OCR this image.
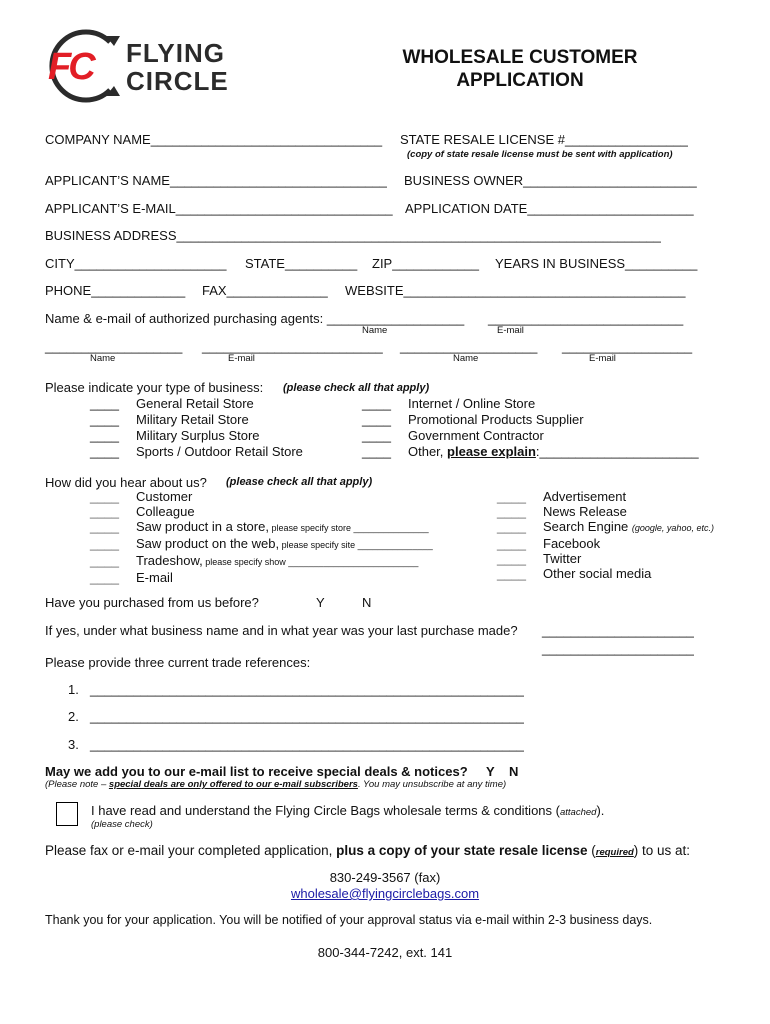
FC FLYING
CIRCLE
WHOLESALE CUSTOMER
APPLICATION
COMPANY NAME________________________________ STATE RESALE LICENSE #_________________
(copy of state resale license must be sent with application)
APPLICANT’S NAME______________________________ BUSINESS OWNER________________________
APPLICANT’S E-MAIL______________________________ APPLICATION DATE_______________________
BUSINESS ADDRESS___________________________________________________________________
CITY_____________________ STATE__________ ZIP____________ YEARS IN BUSINESS__________
PHONE_____________ FAX______________ WEBSITE_______________________________________
Name & e-mail of authorized purchasing agents: ___________________ ___________________________
Name	E-mail
___________________ _________________________ ___________________ __________________
Name	E-mail	Name	E-mail
Please indicate your type of business: (please check all that apply)
____ General Retail Store
____ Military Retail Store
____ Military Surplus Store
____ Sports / Outdoor Retail Store
____ Internet / Online Store
____ Promotional Products Supplier
____ Government Contractor
____ Other, please explain:______________________
How did you hear about us? (please check all that apply)
____ Customer
____ Colleague
____ Saw product in a store, please specify store _______________
____ Saw product on the web, please specify site _______________
____ Tradeshow, please specify show __________________________
____ E-mail
____ Advertisement
____ News Release
____ Search Engine (google, yahoo, etc.)
____ Facebook
____ Twitter
____ Other social media
Have you purchased from us before?	Y	N
If yes, under what business name and in what year was your last purchase made? _____________________
_____________________
Please provide three current trade references:
1. ____________________________________________________________
2. ____________________________________________________________
3. ____________________________________________________________
May we add you to our e-mail list to receive special deals & notices? Y N
(Please note – special deals are only offered to our e-mail subscribers. You may unsubscribe at any time)
I have read and understand the Flying Circle Bags wholesale terms & conditions (attached).
(please check)
Please fax or e-mail your completed application, plus a copy of your state resale license (required) to us at:
830-249-3567 (fax)
wholesale@flyingcirclebags.com
Thank you for your application. You will be notified of your approval status via e-mail within 2-3 business days.
800-344-7242, ext. 141
